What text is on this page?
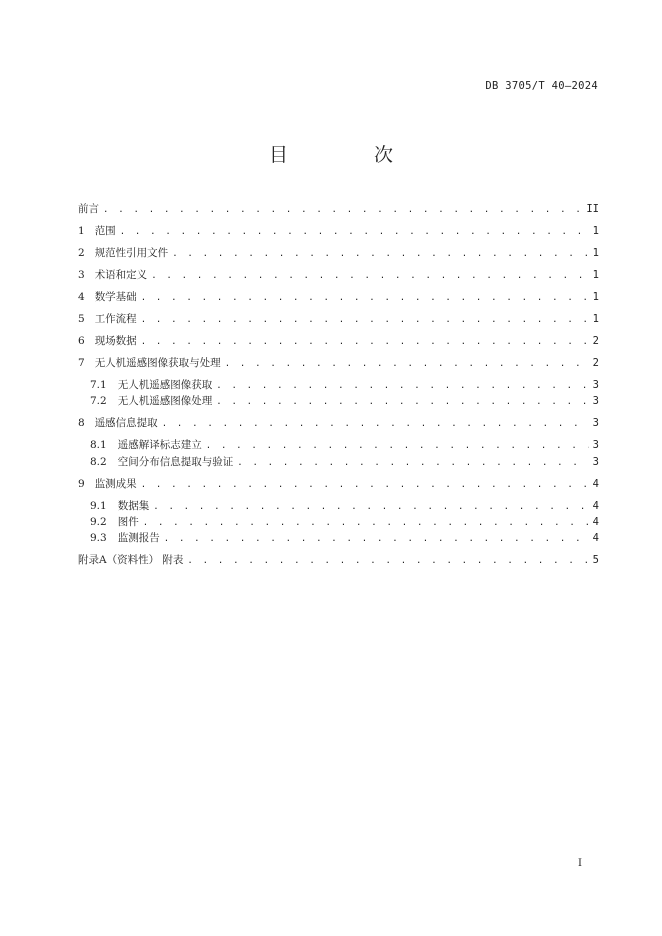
DB 3705/T 40—2024
目 次
前言 . . .	II
1 范围 . . .	1
2 规范性引用文件 . . .	1
3 术语和定义 . . .	1
4 数学基础 . . .	1
5 工作流程 . . .	1
6 现场数据 . . .	2
7 无人机遥感图像获取与处理 . . .	2
7.1 无人机遥感图像获取 . . .	3
7.2 无人机遥感图像处理 . . .	3
8 遥感信息提取 . . .	3
8.1 遥感解译标志建立 . . .	3
8.2 空间分布信息提取与验证 . . .	3
9 监测成果 . . .	4
9.1 数据集 . . .	4
9.2 图件 . . .	4
9.3 监测报告 . . .	4
附录A（资料性） 附表 . . .	5
I
